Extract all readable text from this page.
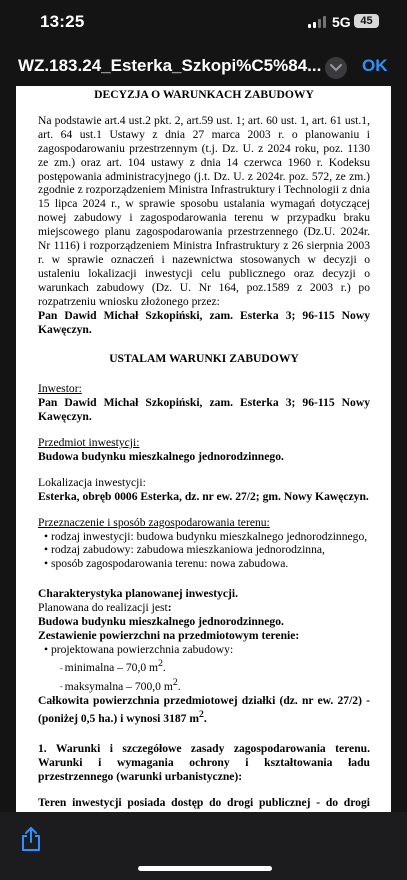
13:25	5G 45
WZ.183.24_Esterka_Szkopi%C5%84... OK

DECYZJA O WARUNKACH ZABUDOWY

Na podstawie art.4 ust.2 pkt. 2, art.59 ust. 1; art. 60 ust. 1, art. 61 ust.1, art. 64 ust.1 Ustawy z dnia 27 marca 2003 r. o planowaniu i zagospodarowaniu przestrzennym (t.j. Dz. U. z 2024 roku, poz. 1130 ze zm.) oraz art. 104 ustawy z dnia 14 czerwca 1960 r. Kodeksu postępowania administracyjnego (j.t. Dz. U. z 2024r. poz. 572, ze zm.) zgodnie z rozporządzeniem Ministra Infrastruktury i Technologii z dnia 15 lipca 2024 r., w sprawie sposobu ustalania wymagań dotyczącej nowej zabudowy i zagospodarowania terenu w przypadku braku miejscowego planu zagospodarowania przestrzennego (Dz.U. 2024r. Nr 1116) i rozporządzeniem Ministra Infrastruktury z 26 sierpnia 2003 r. w sprawie oznaczeń i nazewnictwa stosowanych w decyzji o ustaleniu lokalizacji inwestycji celu publicznego oraz decyzji o warunkach zabudowy (Dz. U. Nr 164, poz.1589 z 2003 r.) po rozpatrzeniu wniosku złożonego przez:

Pan Dawid Michał Szkopiński, zam. Esterka 3; 96-115 Nowy Kawęczyn.

USTALAM WARUNKI ZABUDOWY

Inwestor:

Pan Dawid Michał Szkopiński, zam. Esterka 3; 96-115 Nowy Kawęczyn.

Przedmiot inwestycji:

Budowa budynku mieszkalnego jednorodzinnego.

Lokalizacja inwestycji:

Esterka, obręb 0006 Esterka, dz. nr ew. 27/2; gm. Nowy Kawęczyn.

Przeznaczenie i sposób zagospodarowania terenu:

• rodzaj inwestycji: budowa budynku mieszkalnego jednorodzinnego,

• rodzaj zabudowy: zabudowa mieszkaniowa jednorodzinna,

• sposób zagospodarowania terenu: nowa zabudowa.

Charakterystyka planowanej inwestycji.

Planowana do realizacji jest:

Budowa budynku mieszkalnego jednorodzinnego.

Zestawienie powierzchni na przedmiotowym terenie:

• projektowana powierzchnia zabudowy:

- minimalna – 70,0 $m^2$.

- maksymalna – 700,0 $m^2$.

Całkowita powierzchnia przedmiotowej działki (dz. nr ew. 27/2) - (poniżej 0,5 ha.) i wynosi 3187 $m^2$.

1. Warunki i szczegółowe zasady zagospodarowania terenu. Warunki i wymagania ochrony i kształtowania ładu przestrzennego (warunki urbanistyczne):

Teren inwestycji posiada dostęp do drogi publicznej - do drogi
